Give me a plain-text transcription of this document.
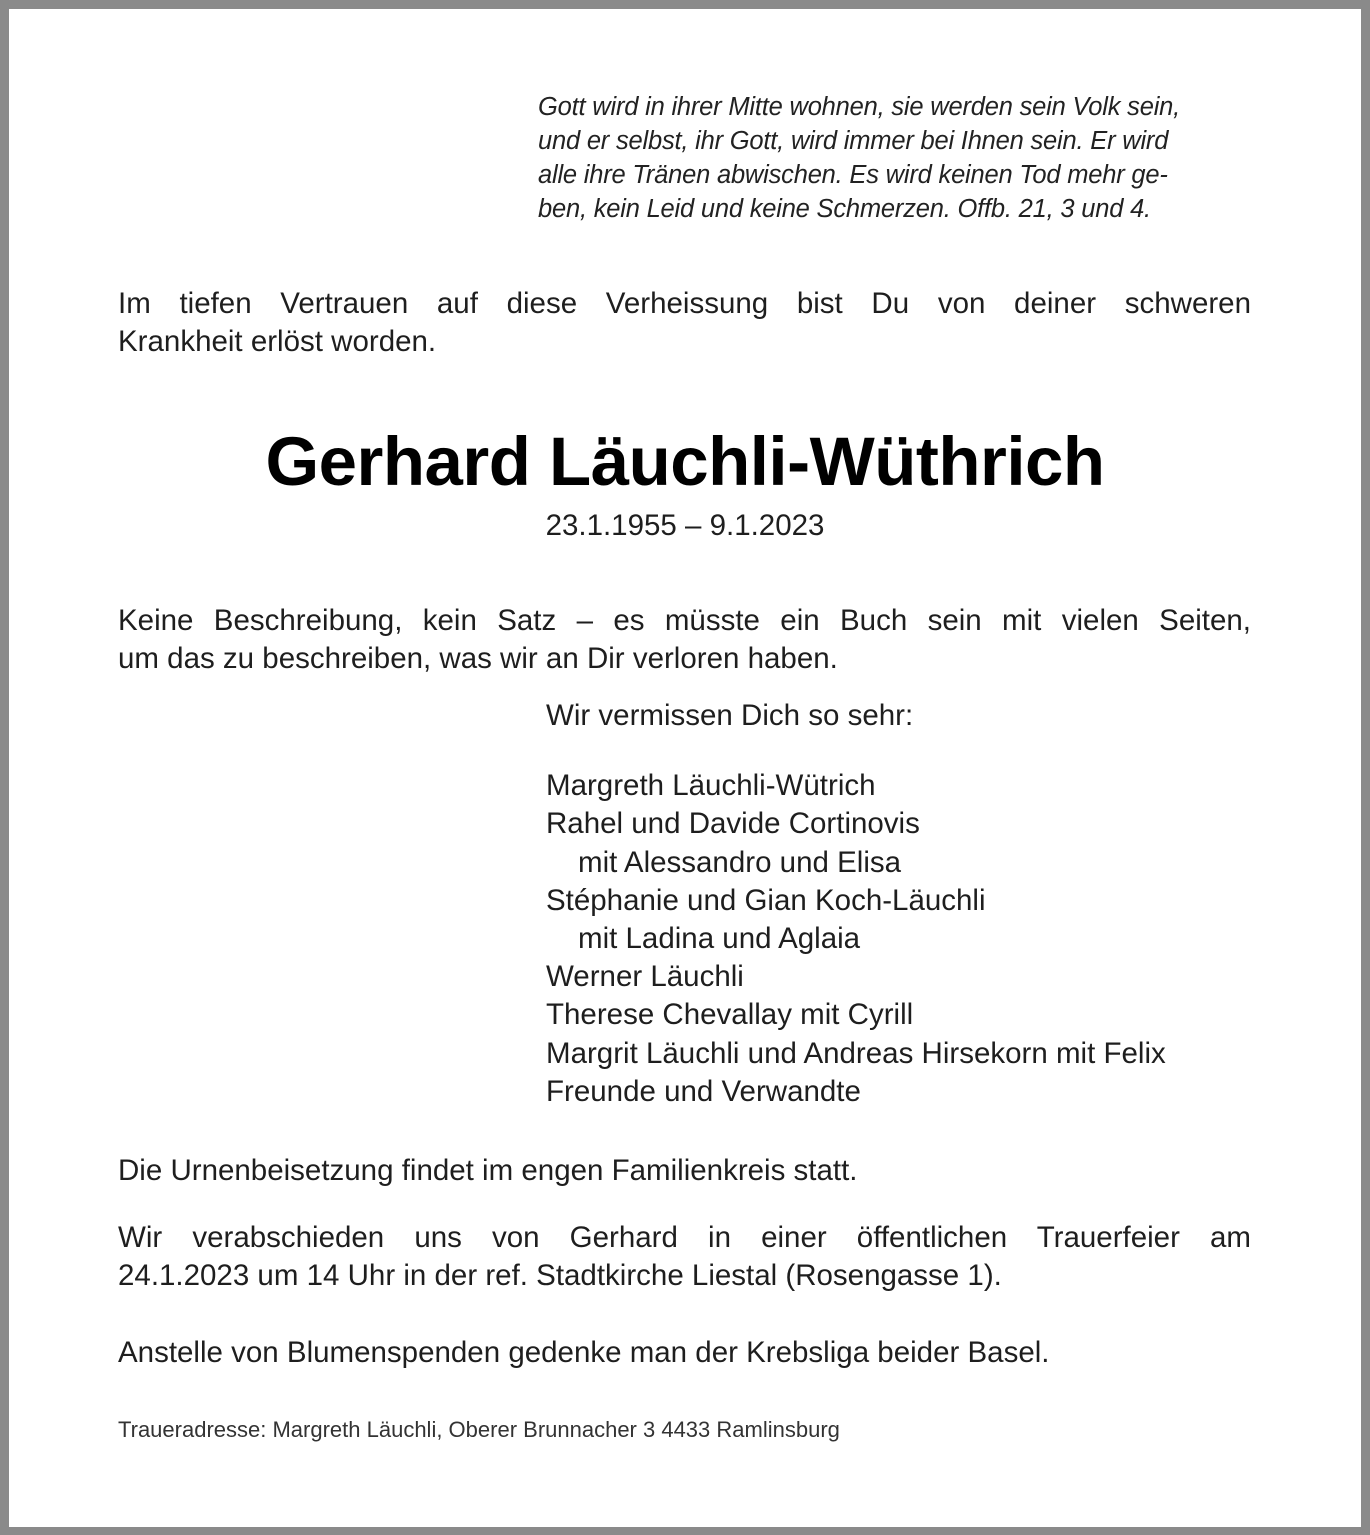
Gott wird in ihrer Mitte wohnen, sie werden sein Volk sein,
und er selbst, ihr Gott, wird immer bei Ihnen sein. Er wird
alle ihre Tränen abwischen. Es wird keinen Tod mehr ge-
ben, kein Leid und keine Schmerzen. Offb. 21, 3 und 4.
Im tiefen Vertrauen auf diese Verheissung bist Du von deiner schweren
Krankheit erlöst worden.
Gerhard Läuchli-Wüthrich
23.1.1955 – 9.1.2023
Keine Beschreibung, kein Satz – es müsste ein Buch sein mit vielen Seiten,
um das zu beschreiben, was wir an Dir verloren haben.
Wir vermissen Dich so sehr:
Margreth Läuchli-Wütrich
Rahel und Davide Cortinovis
mit Alessandro und Elisa
Stéphanie und Gian Koch-Läuchli
mit Ladina und Aglaia
Werner Läuchli
Therese Chevallay mit Cyrill
Margrit Läuchli und Andreas Hirsekorn mit Felix
Freunde und Verwandte
Die Urnenbeisetzung findet im engen Familienkreis statt.
Wir verabschieden uns von Gerhard in einer öffentlichen Trauerfeier am
24.1.2023 um 14 Uhr in der ref. Stadtkirche Liestal (Rosengasse 1).
Anstelle von Blumenspenden gedenke man der Krebsliga beider Basel.
Traueradresse: Margreth Läuchli, Oberer Brunnacher 3 4433 Ramlinsburg
